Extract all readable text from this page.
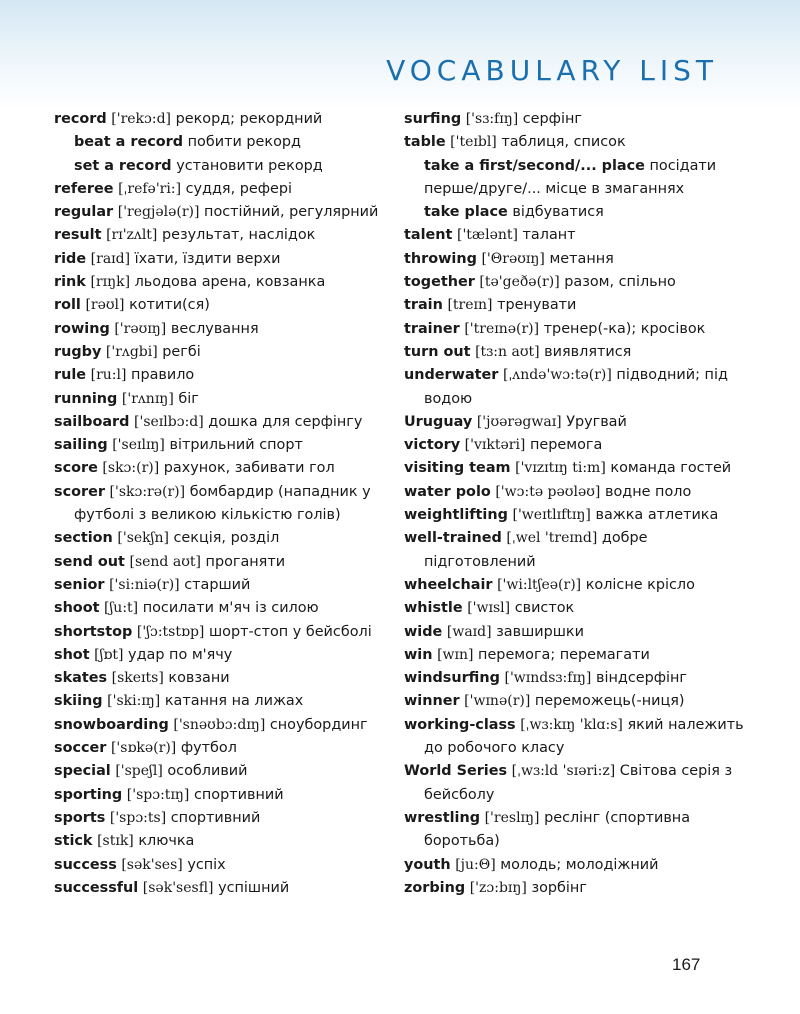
VOCABULARY LIST
record ['rekɔ:d] рекорд; рекордний
beat a record побити рекорд
set a record установити рекорд
referee [ˌrefə'ri:] суддя, рефері
regular ['regjələ(r)] постійний, регулярний
result [rɪ'zʌlt] результат, наслідок
ride [raɪd] їхати, їздити верхи
rink [rɪŋk] льодова арена, ковзанка
roll [rəʊl] котити(ся)
rowing ['rəʊɪŋ] веслування
rugby ['rʌgbi] регбі
rule [ru:l] правило
running ['rʌnɪŋ] біг
sailboard ['seɪlbɔ:d] дошка для серфінгу
sailing ['seɪlɪŋ] вітрильний спорт
score [skɔ:(r)] рахунок, забивати гол
scorer ['skɔ:rə(r)] бомбардир (нападник у футболі з великою кількістю голів)
section ['sekʃn] секція, розділ
send out [send aʊt] проганяти
senior ['si:niə(r)] старший
shoot [ʃu:t] посилати м'яч із силою
shortstop ['ʃɔ:tstɒp] шорт-стоп у бейсболі
shot [ʃɒt] удар по м'ячу
skates [skeɪts] ковзани
skiing ['ski:ɪŋ] катання на лижах
snowboarding ['snəʊbɔ:dɪŋ] сноубординг
soccer ['sɒkə(r)] футбол
special ['speʃl] особливий
sporting ['spɔ:tɪŋ] спортивний
sports ['spɔ:ts] спортивний
stick [stɪk] ключка
success [sək'ses] успіх
successful [sək'sesfl] успішний
surfing ['sɜ:fɪŋ] серфінг
table ['teɪbl] таблиця, список
take a first/second/... place посідати перше/друге/... місце в змаганнях
take place відбуватися
talent ['tælənt] талант
throwing ['Θrəʊɪŋ] метання
together [tə'geðə(r)] разом, спільно
train [treɪn] тренувати
trainer ['treɪnə(r)] тренер(-ка); кросівок
turn out [tɜ:n aʊt] виявлятися
underwater [ˌʌndə'wɔ:tə(r)] підводний; під водою
Uruguay ['jʊərəgwaɪ] Уругвай
victory ['vɪktəri] перемога
visiting team ['vɪzɪtɪŋ ti:m] команда гостей
water polo ['wɔ:tə pəʊləʊ] водне поло
weightlifting ['weɪtlɪftɪŋ] важка атлетика
well-trained [ˌwel 'treɪnd] добре підготовлений
wheelchair ['wi:ltʃeə(r)] колісне крісло
whistle ['wɪsl] свисток
wide [waɪd] завширшки
win [wɪn] перемога; перемагати
windsurfing ['wɪndsɜ:fɪŋ] віндсерфінг
winner ['wɪnə(r)] переможець(-ниця)
working-class [ˌwɜ:kɪŋ 'klɑ:s] який належить до робочого класу
World Series [ˌwɜ:ld 'sɪəri:z] Світова серія з бейсболу
wrestling ['reslɪŋ] реслінг (спортивна боротьба)
youth [ju:Θ] молодь; молодіжний
zorbing ['zɔ:bɪŋ] зорбінг
167
